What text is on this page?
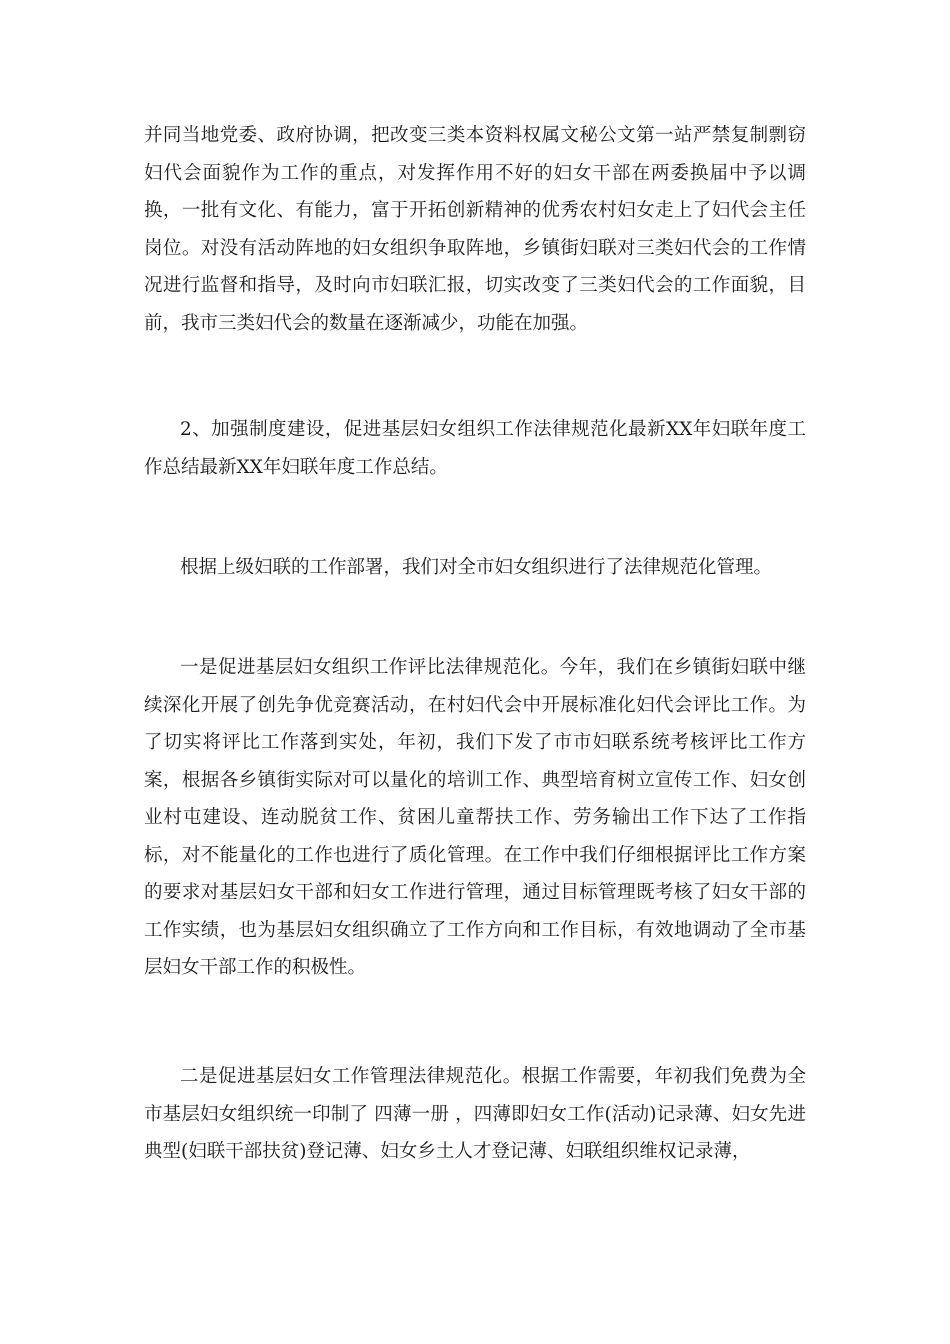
并同当地党委、政府协调，把改变三类本资料权属文秘公文第一站严禁复制剽窃妇代会面貌作为工作的重点，对发挥作用不好的妇女干部在两委换届中予以调换，一批有文化、有能力，富于开拓创新精神的优秀农村妇女走上了妇代会主任岗位。对没有活动阵地的妇女组织争取阵地，乡镇街妇联对三类妇代会的工作情况进行监督和指导，及时向市妇联汇报，切实改变了三类妇代会的工作面貌，目前，我市三类妇代会的数量在逐渐减少，功能在加强。

2、加强制度建设，促进基层妇女组织工作法律规范化最新XX年妇联年度工作总结最新XX年妇联年度工作总结。

根据上级妇联的工作部署，我们对全市妇女组织进行了法律规范化管理。

一是促进基层妇女组织工作评比法律规范化。今年，我们在乡镇街妇联中继续深化开展了创先争优竞赛活动，在村妇代会中开展标准化妇代会评比工作。为了切实将评比工作落到实处，年初，我们下发了市市妇联系统考核评比工作方案，根据各乡镇街实际对可以量化的培训工作、典型培育树立宣传工作、妇女创业村屯建设、连动脱贫工作、贫困儿童帮扶工作、劳务输出工作下达了工作指标，对不能量化的工作也进行了质化管理。在工作中我们仔细根据评比工作方案的要求对基层妇女干部和妇女工作进行管理，通过目标管理既考核了妇女干部的工作实绩，也为基层妇女组织确立了工作方向和工作目标，有效地调动了全市基层妇女干部工作的积极性。

二是促进基层妇女工作管理法律规范化。根据工作需要，年初我们免费为全市基层妇女组织统一印制了 四薄一册 ，四薄即妇女工作(活动)记录薄、妇女先进典型(妇联干部扶贫)登记薄、妇女乡土人才登记薄、妇联组织维权记录薄，
